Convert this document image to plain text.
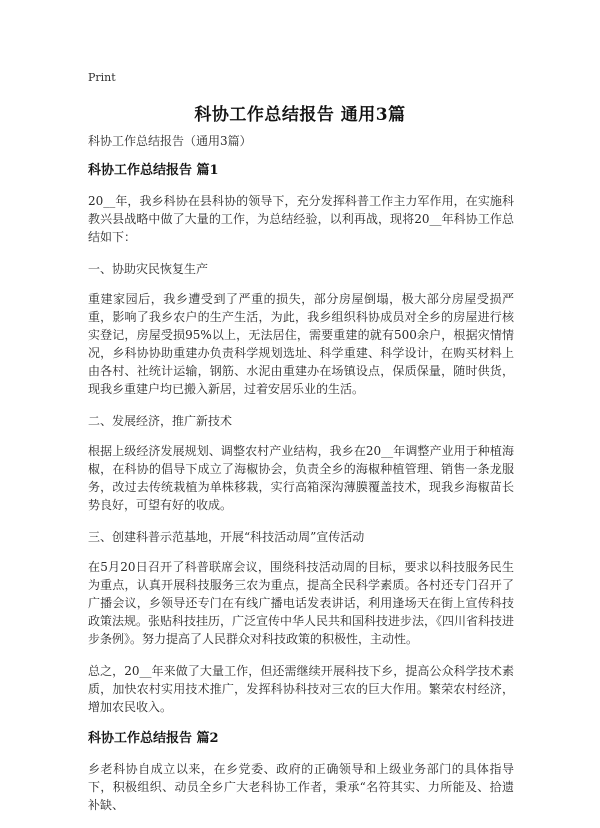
Print
科协工作总结报告 通用3篇

科协工作总结报告（通用3篇）

科协工作总结报告 篇1

20__年，我乡科协在县科协的领导下，充分发挥科普工作主力军作用，在实施科教兴县战略中做了大量的工作，为总结经验，以利再战，现将20__年科协工作总结如下：

一、协助灾民恢复生产

重建家园后，我乡遭受到了严重的损失，部分房屋倒塌，极大部分房屋受损严重，影响了我乡农户的生产生活，为此，我乡组织科协成员对全乡的房屋进行核实登记，房屋受损95%以上，无法居住，需要重建的就有500余户，根据灾情情况，乡科协协助重建办负责科学规划选址、科学重建、科学设计，在购买材料上由各村、社统计运输，钢筋、水泥由重建办在场镇设点，保质保量，随时供货，现我乡重建户均已搬入新居，过着安居乐业的生活。

二、发展经济，推广新技术

根据上级经济发展规划、调整农村产业结构，我乡在20__年调整产业用于种植海椒，在科协的倡导下成立了海椒协会，负责全乡的海椒种植管理、销售一条龙服务，改过去传统栽植为单株移栽，实行高箱深沟薄膜覆盖技术，现我乡海椒苗长势良好，可望有好的收成。

三、创建科普示范基地，开展“科技活动周”宣传活动

在5月20日召开了科普联席会议，围绕科技活动周的目标，要求以科技服务民生为重点，认真开展科技服务三农为重点，提高全民科学素质。各村还专门召开了广播会议，乡领导还专门在有线广播电话发表讲话，利用逢场天在街上宣传科技政策法规。张贴科技挂历，广泛宣传中华人民共和国科技进步法，《四川省科技进步条例》。努力提高了人民群众对科技政策的积极性，主动性。

总之，20__年来做了大量工作，但还需继续开展科技下乡，提高公众科学技术素质，加快农村实用技术推广，发挥科协科技对三农的巨大作用。繁荣农村经济，增加农民收入。

科协工作总结报告 篇2

乡老科协自成立以来，在乡党委、政府的正确领导和上级业务部门的具体指导下，积极组织、动员全乡广大老科协工作者，秉承“名符其实、力所能及、拾遗补缺、
